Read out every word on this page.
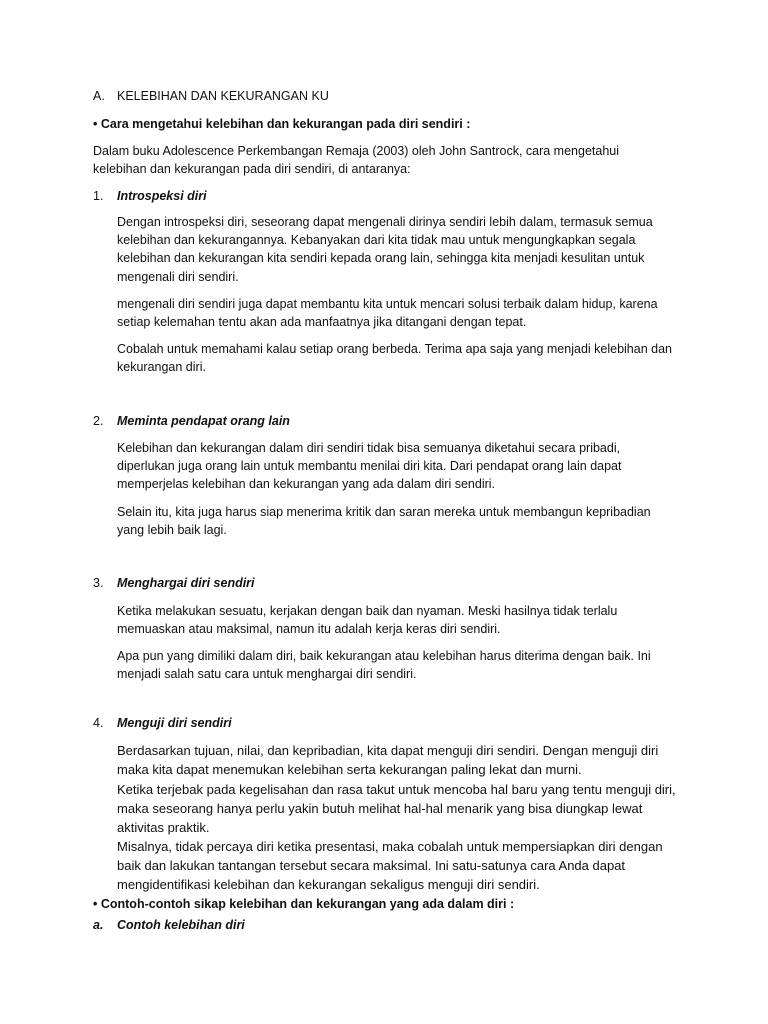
A. KELEBIHAN DAN KEKURANGAN KU
• Cara mengetahui kelebihan dan kekurangan pada diri sendiri :
Dalam buku Adolescence Perkembangan Remaja (2003) oleh John Santrock, cara mengetahui
kelebihan dan kekurangan pada diri sendiri, di antaranya:
1. Introspeksi diri
Dengan introspeksi diri, seseorang dapat mengenali dirinya sendiri lebih dalam, termasuk semua kelebihan dan kekurangannya. Kebanyakan dari kita tidak mau untuk mengungkapkan segala kelebihan dan kekurangan kita sendiri kepada orang lain, sehingga kita menjadi kesulitan untuk mengenali diri sendiri.
mengenali diri sendiri juga dapat membantu kita untuk mencari solusi terbaik dalam hidup, karena setiap kelemahan tentu akan ada manfaatnya jika ditangani dengan tepat.
Cobalah untuk memahami kalau setiap orang berbeda. Terima apa saja yang menjadi kelebihan dan kekurangan diri.
2. Meminta pendapat orang lain
Kelebihan dan kekurangan dalam diri sendiri tidak bisa semuanya diketahui secara pribadi, diperlukan juga orang lain untuk membantu menilai diri kita. Dari pendapat orang lain dapat memperjelas kelebihan dan kekurangan yang ada dalam diri sendiri.
Selain itu, kita juga harus siap menerima kritik dan saran mereka untuk membangun kepribadian yang lebih baik lagi.
3. Menghargai diri sendiri
Ketika melakukan sesuatu, kerjakan dengan baik dan nyaman. Meski hasilnya tidak terlalu memuaskan atau maksimal, namun itu adalah kerja keras diri sendiri.
Apa pun yang dimiliki dalam diri, baik kekurangan atau kelebihan harus diterima dengan baik. Ini menjadi salah satu cara untuk menghargai diri sendiri.
4. Menguji diri sendiri
Berdasarkan tujuan, nilai, dan kepribadian, kita dapat menguji diri sendiri. Dengan menguji diri maka kita dapat menemukan kelebihan serta kekurangan paling lekat dan murni.
Ketika terjebak pada kegelisahan dan rasa takut untuk mencoba hal baru yang tentu menguji diri, maka seseorang hanya perlu yakin butuh melihat hal-hal menarik yang bisa diungkap lewat aktivitas praktik.
Misalnya, tidak percaya diri ketika presentasi, maka cobalah untuk mempersiapkan diri dengan baik dan lakukan tantangan tersebut secara maksimal. Ini satu-satunya cara Anda dapat mengidentifikasi kelebihan dan kekurangan sekaligus menguji diri sendiri.
• Contoh-contoh sikap kelebihan dan kekurangan yang ada dalam diri :
a. Contoh kelebihan diri
